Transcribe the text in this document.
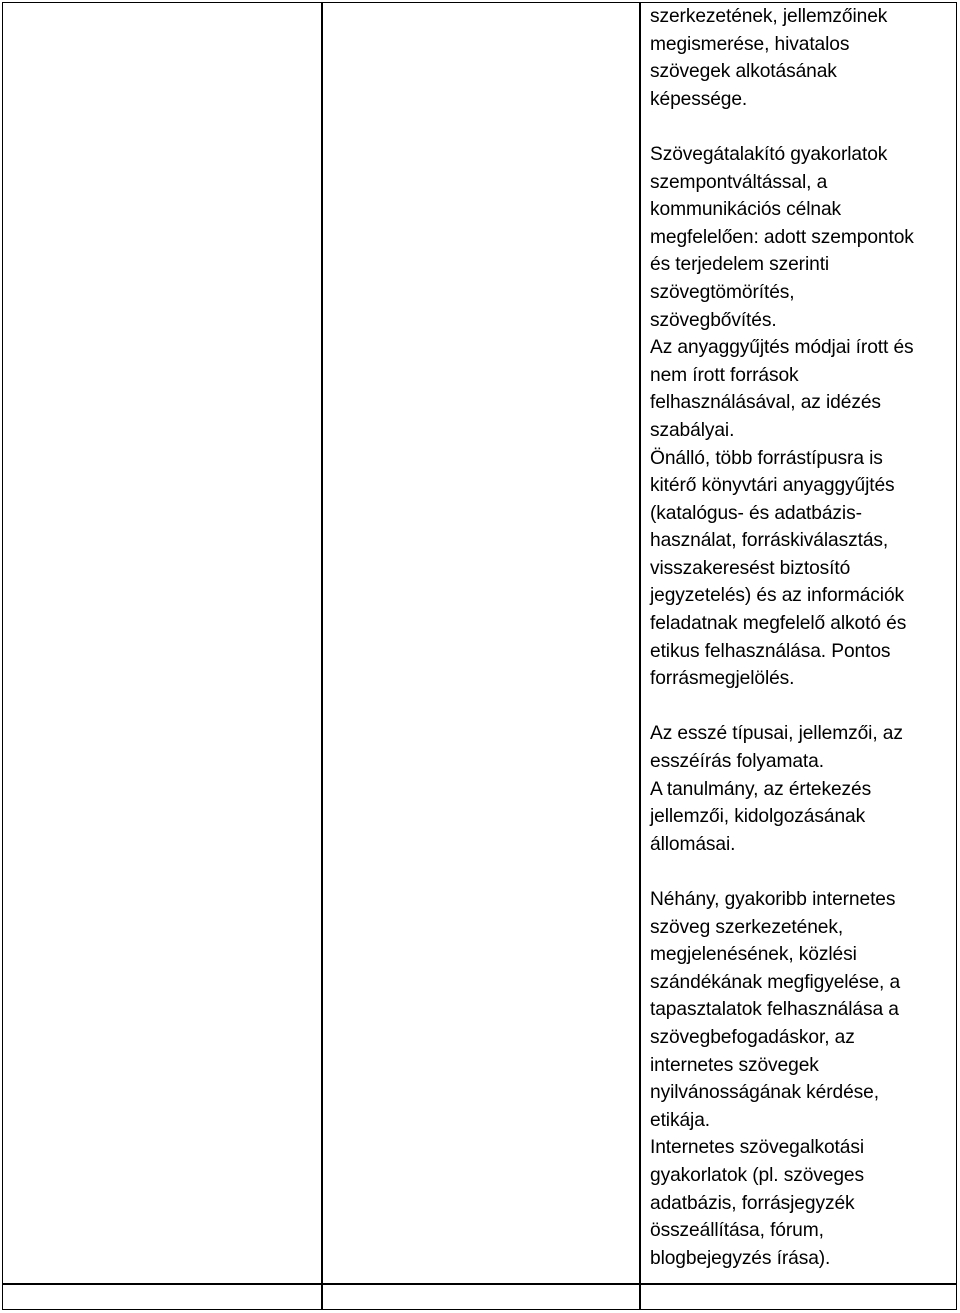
szerkezetének, jellemzőinek
megismerése, hivatalos
szövegek alkotásának
képessége.
Szövegátalakító gyakorlatok
szempontváltással, a
kommunikációs célnak
megfelelően: adott szempontok
és terjedelem szerinti
szövegtömörítés,
szövegbővítés.
Az anyaggyűjtés módjai írott és
nem írott források
felhasználásával, az idézés
szabályai.
Önálló, több forrástípusra is
kitérő könyvtári anyaggyűjtés
(katalógus- és adatbázis-
használat, forráskiválasztás,
visszakeresést biztosító
jegyzetelés) és az információk
feladatnak megfelelő alkotó és
etikus felhasználása. Pontos
forrásmegjelölés.
Az esszé típusai, jellemzői, az
esszéírás folyamata.
A tanulmány, az értekezés
jellemzői, kidolgozásának
állomásai.
Néhány, gyakoribb internetes
szöveg szerkezetének,
megjelenésének, közlési
szándékának megfigyelése, a
tapasztalatok felhasználása a
szövegbefogadáskor, az
internetes szövegek
nyilvánosságának kérdése,
etikája.
Internetes szövegalkotási
gyakorlatok (pl. szöveges
adatbázis, forrásjegyzék
összeállítása, fórum,
blogbejegyzés írása).
